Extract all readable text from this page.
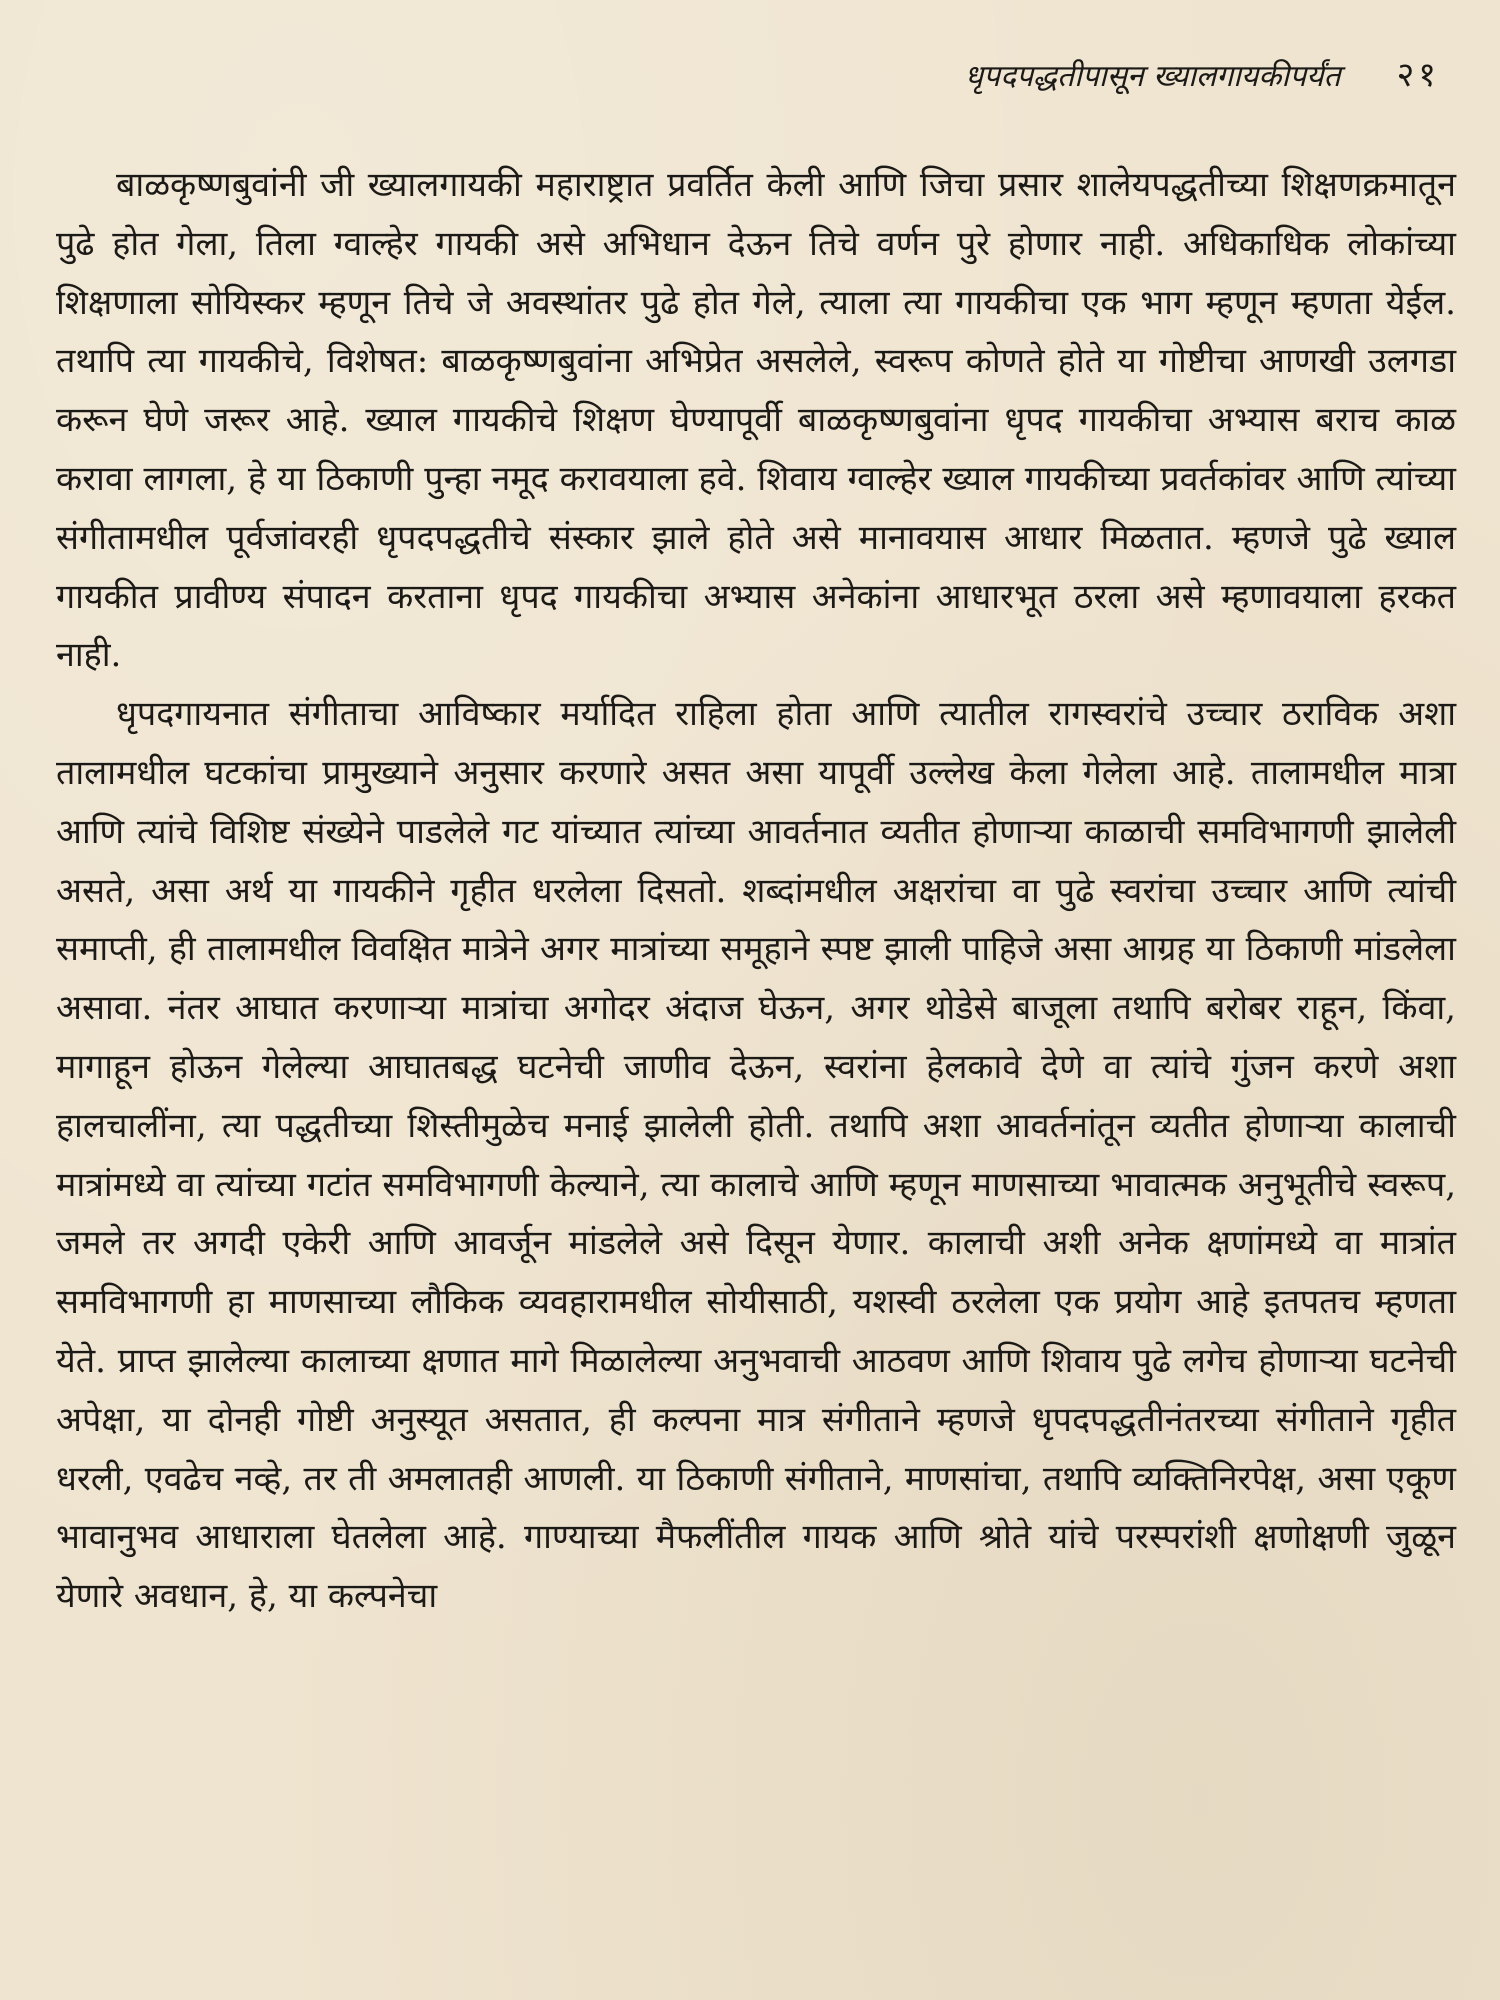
धृपदपद्धतीपासून ख्यालगायकीपर्यंत २१

बाळकृष्णबुवांनी जी ख्यालगायकी महाराष्ट्रात प्रवर्तित केली आणि जिचा प्रसार शालेयपद्धतीच्या शिक्षणक्रमातून पुढे होत गेला, तिला ग्वाल्हेर गायकी असे अभिधान देऊन तिचे वर्णन पुरे होणार नाही. अधिकाधिक लोकांच्या शिक्षणाला सोयिस्कर म्हणून तिचे जे अवस्थांतर पुढे होत गेले, त्याला त्या गायकीचा एक भाग म्हणून म्हणता येईल. तथापि त्या गायकीचे, विशेषत: बाळकृष्णबुवांना अभिप्रेत असलेले, स्वरूप कोणते होते या गोष्टीचा आणखी उलगडा करून घेणे जरूर आहे. ख्याल गायकीचे शिक्षण घेण्यापूर्वी बाळकृष्णबुवांना धृपद गायकीचा अभ्यास बराच काळ करावा लागला, हे या ठिकाणी पुन्हा नमूद करावयाला हवे. शिवाय ग्वाल्हेर ख्याल गायकीच्या प्रवर्तकांवर आणि त्यांच्या संगीतामधील पूर्वजांवरही धृपदपद्धतीचे संस्कार झाले होते असे मानावयास आधार मिळतात. म्हणजे पुढे ख्याल गायकीत प्रावीण्य संपादन करताना धृपद गायकीचा अभ्यास अनेकांना आधारभूत ठरला असे म्हणावयाला हरकत नाही.

धृपदगायनात संगीताचा आविष्कार मर्यादित राहिला होता आणि त्यातील रागस्वरांचे उच्चार ठराविक अशा तालामधील घटकांचा प्रामुख्याने अनुसार करणारे असत असा यापूर्वी उल्लेख केला गेलेला आहे. तालामधील मात्रा आणि त्यांचे विशिष्ट संख्येने पाडलेले गट यांच्यात त्यांच्या आवर्तनात व्यतीत होणाऱ्या काळाची समविभागणी झालेली असते, असा अर्थ या गायकीने गृहीत धरलेला दिसतो. शब्दांमधील अक्षरांचा वा पुढे स्वरांचा उच्चार आणि त्यांची समाप्ती, ही तालामधील विवक्षित मात्रेने अगर मात्रांच्या समूहाने स्पष्ट झाली पाहिजे असा आग्रह या ठिकाणी मांडलेला असावा. नंतर आघात करणाऱ्या मात्रांचा अगोदर अंदाज घेऊन, अगर थोडेसे बाजूला तथापि बरोबर राहून, किंवा, मागाहून होऊन गेलेल्या आघातबद्ध घटनेची जाणीव देऊन, स्वरांना हेलकावे देणे वा त्यांचे गुंजन करणे अशा हालचालींना, त्या पद्धतीच्या शिस्तीमुळेच मनाई झालेली होती. तथापि अशा आवर्तनांतून व्यतीत होणाऱ्या कालाची मात्रांमध्ये वा त्यांच्या गटांत समविभागणी केल्याने, त्या कालाचे आणि म्हणून माणसाच्या भावात्मक अनुभूतीचे स्वरूप, जमले तर अगदी एकेरी आणि आवर्जून मांडलेले असे दिसून येणार. कालाची अशी अनेक क्षणांमध्ये वा मात्रांत समविभागणी हा माणसाच्या लौकिक व्यवहारामधील सोयीसाठी, यशस्वी ठरलेला एक प्रयोग आहे इतपतच म्हणता येते. प्राप्त झालेल्या कालाच्या क्षणात मागे मिळालेल्या अनुभवाची आठवण आणि शिवाय पुढे लगेच होणाऱ्या घटनेची अपेक्षा, या दोनही गोष्टी अनुस्यूत असतात, ही कल्पना मात्र संगीताने म्हणजे धृपदपद्धतीनंतरच्या संगीताने गृहीत धरली, एवढेच नव्हे, तर ती अमलातही आणली. या ठिकाणी संगीताने, माणसांचा, तथापि व्यक्तिनिरपेक्ष, असा एकूण भावानुभव आधाराला घेतलेला आहे. गाण्याच्या मैफलींतील गायक आणि श्रोते यांचे परस्परांशी क्षणोक्षणी जुळून येणारे अवधान, हे, या कल्पनेचा
